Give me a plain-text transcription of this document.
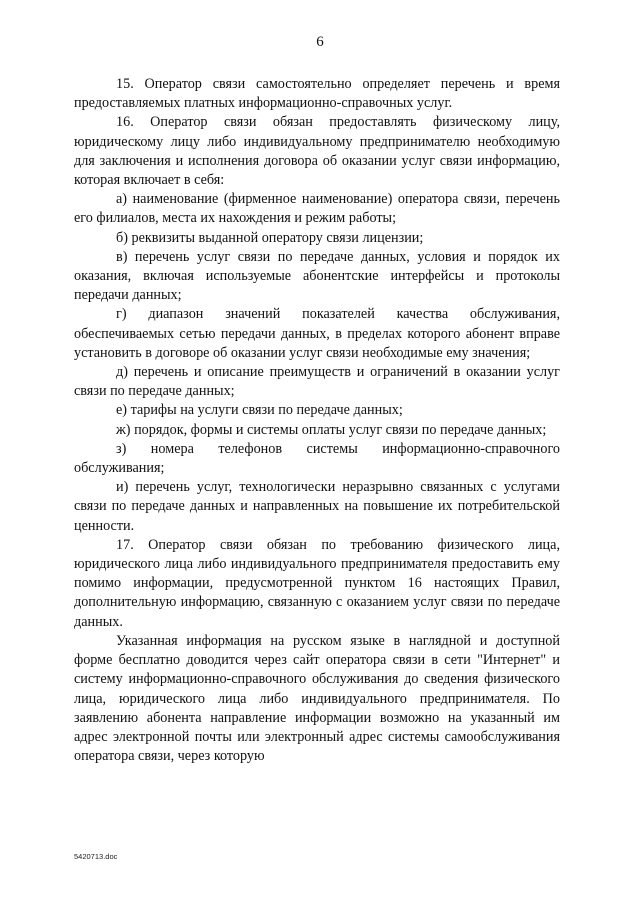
6

15. Оператор связи самостоятельно определяет перечень и время предоставляемых платных информационно-справочных услуг.

16. Оператор связи обязан предоставлять физическому лицу, юридическому лицу либо индивидуальному предпринимателю необходимую для заключения и исполнения договора об оказании услуг связи информацию, которая включает в себя:

а) наименование (фирменное наименование) оператора связи, перечень его филиалов, места их нахождения и режим работы;

б) реквизиты выданной оператору связи лицензии;

в) перечень услуг связи по передаче данных, условия и порядок их оказания, включая используемые абонентские интерфейсы и протоколы передачи данных;

г) диапазон значений показателей качества обслуживания, обеспечиваемых сетью передачи данных, в пределах которого абонент вправе установить в договоре об оказании услуг связи необходимые ему значения;

д) перечень и описание преимуществ и ограничений в оказании услуг связи по передаче данных;

е) тарифы на услуги связи по передаче данных;

ж) порядок, формы и системы оплаты услуг связи по передаче данных;

з) номера телефонов системы информационно-справочного обслуживания;

и) перечень услуг, технологически неразрывно связанных с услугами связи по передаче данных и направленных на повышение их потребительской ценности.

17. Оператор связи обязан по требованию физического лица, юридического лица либо индивидуального предпринимателя предоставить ему помимо информации, предусмотренной пунктом 16 настоящих Правил, дополнительную информацию, связанную с оказанием услуг связи по передаче данных.

Указанная информация на русском языке в наглядной и доступной форме бесплатно доводится через сайт оператора связи в сети "Интернет" и систему информационно-справочного обслуживания до сведения физического лица, юридического лица либо индивидуального предпринимателя. По заявлению абонента направление информации возможно на указанный им адрес электронной почты или электронный адрес системы самообслуживания оператора связи, через которую

5420713.doc
